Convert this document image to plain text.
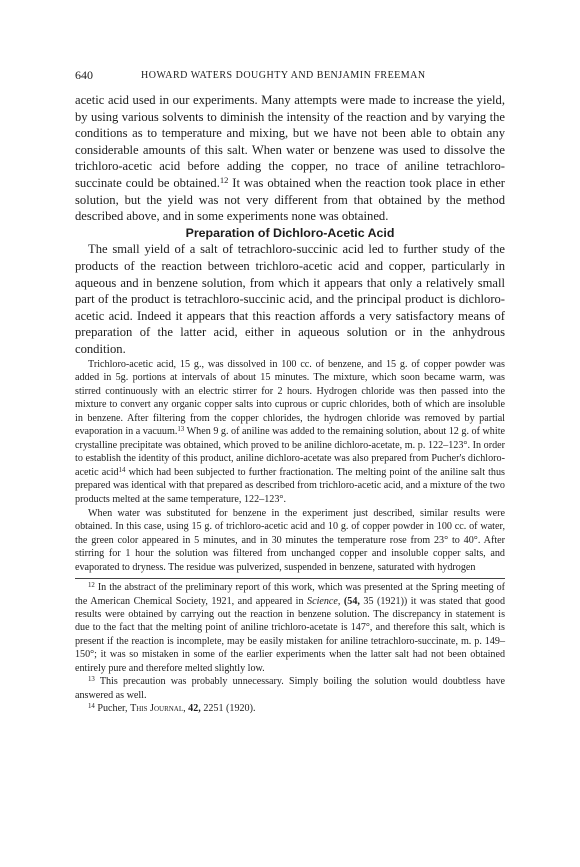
640	HOWARD WATERS DOUGHTY AND BENJAMIN FREEMAN

acetic acid used in our experiments. Many attempts were made to increase the yield, by using various solvents to diminish the intensity of the reaction and by varying the conditions as to temperature and mixing, but we have not been able to obtain any considerable amounts of this salt. When water or benzene was used to dissolve the trichloro-acetic acid before adding the copper, no trace of aniline tetrachloro-succinate could be obtained.$^{12}$ It was obtained when the reaction took place in ether solution, but the yield was not very different from that obtained by the method described above, and in some experiments none was obtained.

Preparation of Dichloro-Acetic Acid

The small yield of a salt of tetrachloro-succinic acid led to further study of the products of the reaction between trichloro-acetic acid and copper, particularly in aqueous and in benzene solution, from which it appears that only a relatively small part of the product is tetrachloro-succinic acid, and the principal product is dichloro-acetic acid. Indeed it appears that this reaction affords a very satisfactory means of preparation of the latter acid, either in aqueous solution or in the anhydrous condition.

Trichloro-acetic acid, 15 g., was dissolved in 100 cc. of benzene, and 15 g. of copper powder was added in 5g. portions at intervals of about 15 minutes. The mixture, which soon became warm, was stirred continuously with an electric stirrer for 2 hours. Hydrogen chloride was then passed into the mixture to convert any organic copper salts into cuprous or cupric chlorides, both of which are insoluble in benzene. After filtering from the copper chlorides, the hydrogen chloride was removed by partial evaporation in a vacuum.$^{13}$ When 9 g. of aniline was added to the remaining solution, about 12 g. of white crystalline precipitate was obtained, which proved to be aniline dichloro-acetate, m. p. 122–123°. In order to establish the identity of this product, aniline dichloro-acetate was also prepared from Pucher's dichloro-acetic acid$^{14}$ which had been subjected to further fractionation. The melting point of the aniline salt thus prepared was identical with that prepared as described from trichloro-acetic acid, and a mixture of the two products melted at the same temperature, 122–123°.

When water was substituted for benzene in the experiment just described, similar results were obtained. In this case, using 15 g. of trichloro-acetic acid and 10 g. of copper powder in 100 cc. of water, the green color appeared in 5 minutes, and in 30 minutes the temperature rose from 23° to 40°. After stirring for 1 hour the solution was filtered from unchanged copper and insoluble copper salts, and evaporated to dryness. The residue was pulverized, suspended in benzene, saturated with hydrogen

$^{12}$ In the abstract of the preliminary report of this work, which was presented at the Spring meeting of the American Chemical Society, 1921, and appeared in Science, (54, 35 (1921)) it was stated that good results were obtained by carrying out the reaction in benzene solution. The discrepancy in statement is due to the fact that the melting point of aniline trichloro-acetate is 147°, and therefore this salt, which is present if the reaction is incomplete, may be easily mistaken for aniline tetrachloro-succinate, m. p. 149–150°; it was so mistaken in some of the earlier experiments when the latter salt had not been obtained entirely pure and therefore melted slightly low.

$^{13}$ This precaution was probably unnecessary. Simply boiling the solution would doubtless have answered as well.

$^{14}$ Pucher, This Journal, 42, 2251 (1920).
